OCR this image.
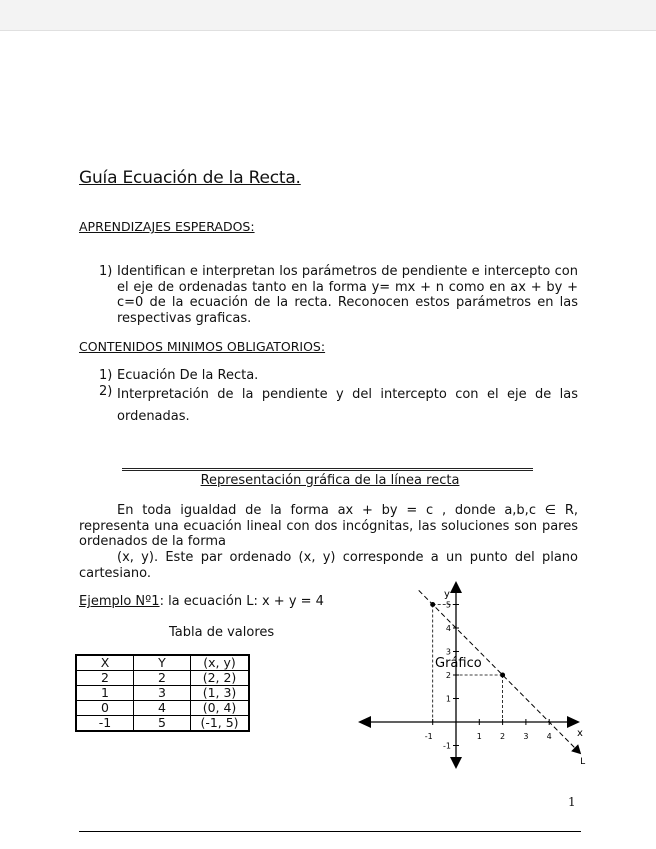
Guía Ecuación de la Recta.
APRENDIZAJES ESPERADOS:
1) Identifican e interpretan los parámetros de pendiente e intercepto con el eje de ordenadas tanto en la forma y= mx + n como en ax + by + c=0 de la ecuación de la recta. Reconocen estos parámetros en las respectivas graficas.
CONTENIDOS MINIMOS OBLIGATORIOS:
1) Ecuación De la Recta.
2) Interpretación de la pendiente y del intercepto con el eje de las ordenadas.
Representación gráfica de la línea recta
En toda igualdad de la forma ax + by = c , donde a,b,c ∈ R, representa una ecuación lineal con dos incógnitas, las soluciones son pares ordenados de la forma
(x, y). Este par ordenado (x, y) corresponde a un punto del plano cartesiano.
Ejemplo Nº1: la ecuación L: x + y = 4
Tabla de valores
X	Y	(x, y)
2	2	(2, 2)
1	3	(1, 3)
0	4	(0, 4)
-1	5	(-1, 5)
-1	1 2 3 4
-1
1
2
3
4
5
x
y
L
Gráfico
1
